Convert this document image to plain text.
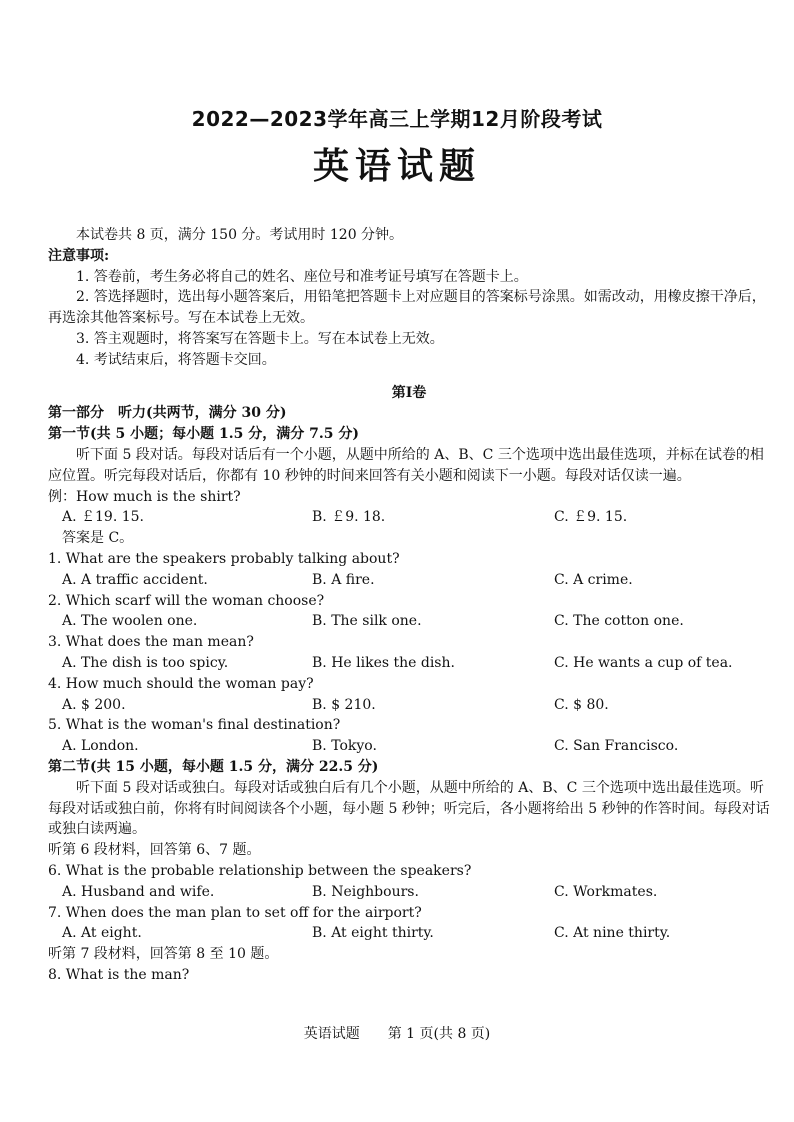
2022—2023学年高三上学期12月阶段考试
英语试题
本试卷共 8 页，满分 150 分。考试用时 120 分钟。
注意事项:
1. 答卷前，考生务必将自己的姓名、座位号和准考证号填写在答题卡上。
2. 答选择题时，选出每小题答案后，用铅笔把答题卡上对应题目的答案标号涂黑。如需改动，用橡皮擦干净后，再选涂其他答案标号。写在本试卷上无效。
3. 答主观题时，将答案写在答题卡上。写在本试卷上无效。
4. 考试结束后，将答题卡交回。
第Ⅰ卷
第一部分　听力(共两节，满分 30 分)
第一节(共 5 小题；每小题 1.5 分，满分 7.5 分)
听下面 5 段对话。每段对话后有一个小题，从题中所给的 A、B、C 三个选项中选出最佳选项，并标在试卷的相应位置。听完每段对话后，你都有 10 秒钟的时间来回答有关小题和阅读下一小题。每段对话仅读一遍。
例：How much is the shirt?
A. ￡19. 15.	B. ￡9. 18.	C. ￡9. 15.
答案是 C。
1. What are the speakers probably talking about?
A. A traffic accident.	B. A fire.	C. A crime.
2. Which scarf will the woman choose?
A. The woolen one.	B. The silk one.	C. The cotton one.
3. What does the man mean?
A. The dish is too spicy.	B. He likes the dish.	C. He wants a cup of tea.
4. How much should the woman pay?
A. $ 200.	B. $ 210.	C. $ 80.
5. What is the woman's final destination?
A. London.	B. Tokyo.	C. San Francisco.
第二节(共 15 小题，每小题 1.5 分，满分 22.5 分)
听下面 5 段对话或独白。每段对话或独白后有几个小题，从题中所给的 A、B、C 三个选项中选出最佳选项。听每段对话或独白前，你将有时间阅读各个小题，每小题 5 秒钟；听完后，各小题将给出 5 秒钟的作答时间。每段对话或独白读两遍。
听第 6 段材料，回答第 6、7 题。
6. What is the probable relationship between the speakers?
A. Husband and wife.	B. Neighbours.	C. Workmates.
7. When does the man plan to set off for the airport?
A. At eight.	B. At eight thirty.	C. At nine thirty.
听第 7 段材料，回答第 8 至 10 题。
8. What is the man?
英语试题　　 第 1 页(共 8 页)
